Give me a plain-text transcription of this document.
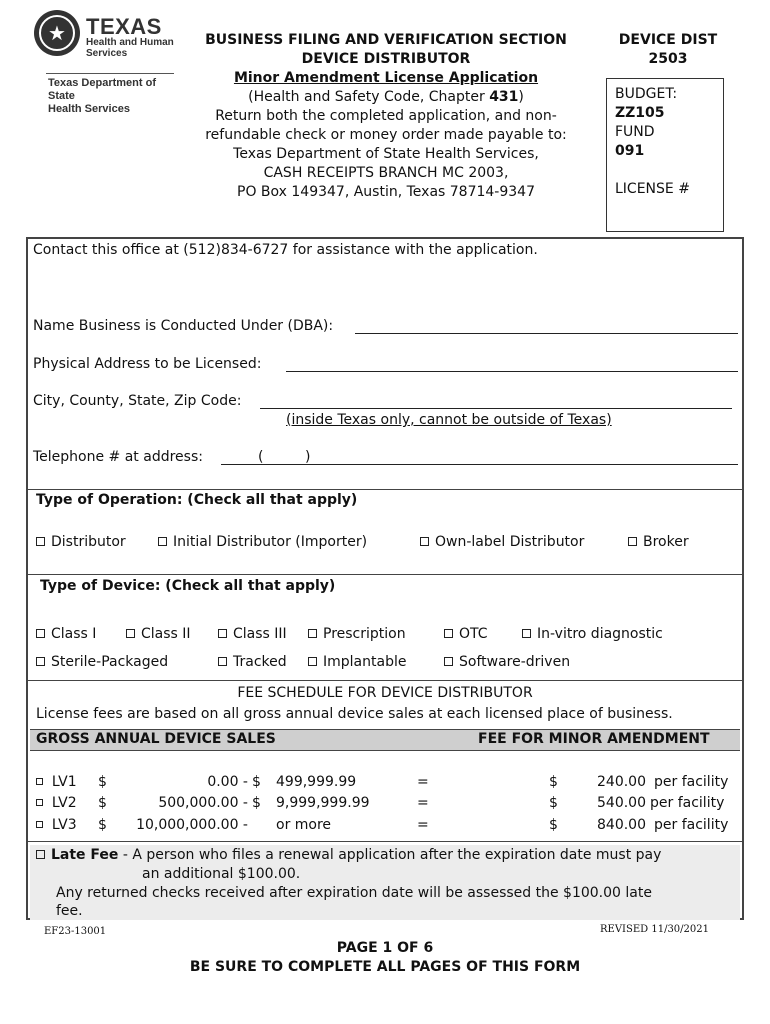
★ TEXAS
Health and Human
Services
Texas Department of State
Health Services
BUSINESS FILING AND VERIFICATION SECTION
DEVICE DISTRIBUTOR
Minor Amendment License Application
(Health and Safety Code, Chapter 431)
Return both the completed application, and non-
refundable check or money order made payable to:
Texas Department of State Health Services,
CASH RECEIPTS BRANCH MC 2003,
PO Box 149347, Austin, Texas 78714-9347
DEVICE DIST
2503
BUDGET:
ZZ105
FUND
091
LICENSE #
Contact this office at (512)834-6727 for assistance with the application.
Name Business is Conducted Under (DBA):
Physical Address to be Licensed:
City, County, State, Zip Code:
(inside Texas only, cannot be outside of Texas)
Telephone # at address:	(	)
Type of Operation: (Check all that apply)
Distributor	Initial Distributor (Importer)	Own-label Distributor	Broker
Type of Device: (Check all that apply)
Class I	Class II	Class III	Prescription	OTC	In-vitro diagnostic
Sterile-Packaged	Tracked	Implantable	Software-driven
FEE SCHEDULE FOR DEVICE DISTRIBUTOR
License fees are based on all gross annual device sales at each licensed place of business.
GROSS ANNUAL DEVICE SALES	FEE FOR MINOR AMENDMENT
LV1 $	0.00 - $ 499,999.99	=	$	240.00 per facility
LV2 $	500,000.00 - $ 9,999,999.99	=	$	540.00 per facility
LV3 $	10,000,000.00 - or more	=	$	840.00 per facility
Late Fee - A person who files a renewal application after the expiration date must pay
an additional $100.00.
Any returned checks received after expiration date will be assessed the $100.00 late
fee.
EF23-13001	REVISED 11/30/2021
PAGE 1 OF 6
BE SURE TO COMPLETE ALL PAGES OF THIS FORM
